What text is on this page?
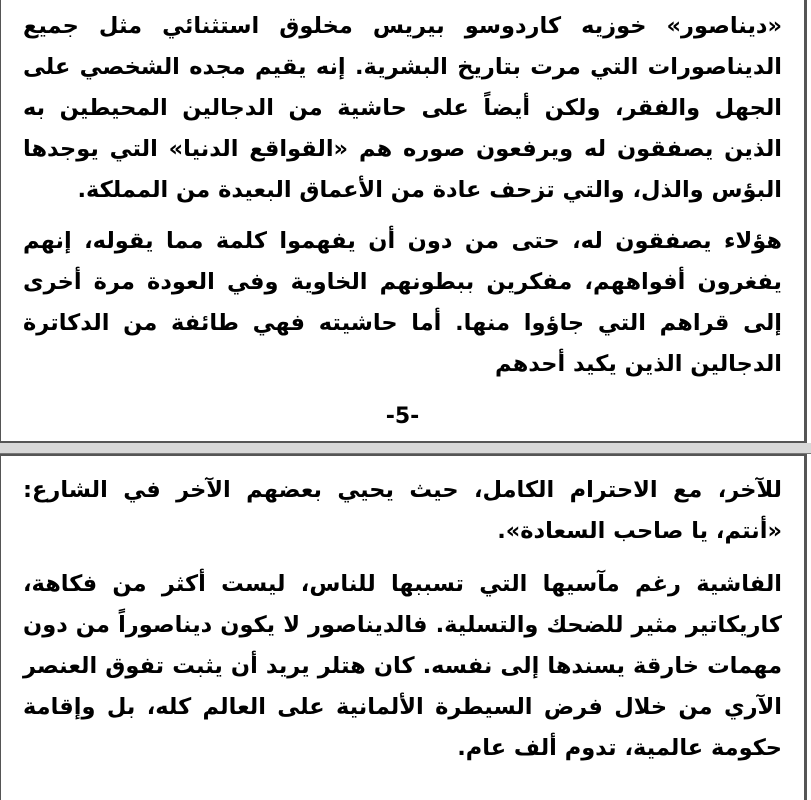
«ديناصور» خوزيه كاردوسو بيريس مخلوق استثنائي مثل جميع الديناصورات التي مرت بتاريخ البشرية. إنه يقيم مجده الشخصي على الجهل والفقر، ولكن أيضاً على حاشية من الدجالين المحيطين به الذين يصفقون له ويرفعون صوره هم «القواقع الدنيا» التي يوجدها البؤس والذل، والتي تزحف عادة من الأعماق البعيدة من المملكة.

هؤلاء يصفقون له، حتى من دون أن يفهموا كلمة مما يقوله، إنهم يفغرون أفواههم، مفكرين ببطونهم الخاوية وفي العودة مرة أخرى إلى قراهم التي جاؤوا منها. أما حاشيته فهي طائفة من الدكاترة الدجالين الذين يكيد أحدهم

-5-

للآخر، مع الاحترام الكامل، حيث يحيي بعضهم الآخر في الشارع: «أنتم، يا صاحب السعادة».

الفاشية رغم مآسيها التي تسببها للناس، ليست أكثر من فكاهة، كاريكاتير مثير للضحك والتسلية. فالديناصور لا يكون ديناصوراً من دون مهمات خارقة يسندها إلى نفسه. كان هتلر يريد أن يثبت تفوق العنصر الآري من خلال فرض السيطرة الألمانية على العالم كله، بل وإقامة حكومة عالمية، تدوم ألف عام.
